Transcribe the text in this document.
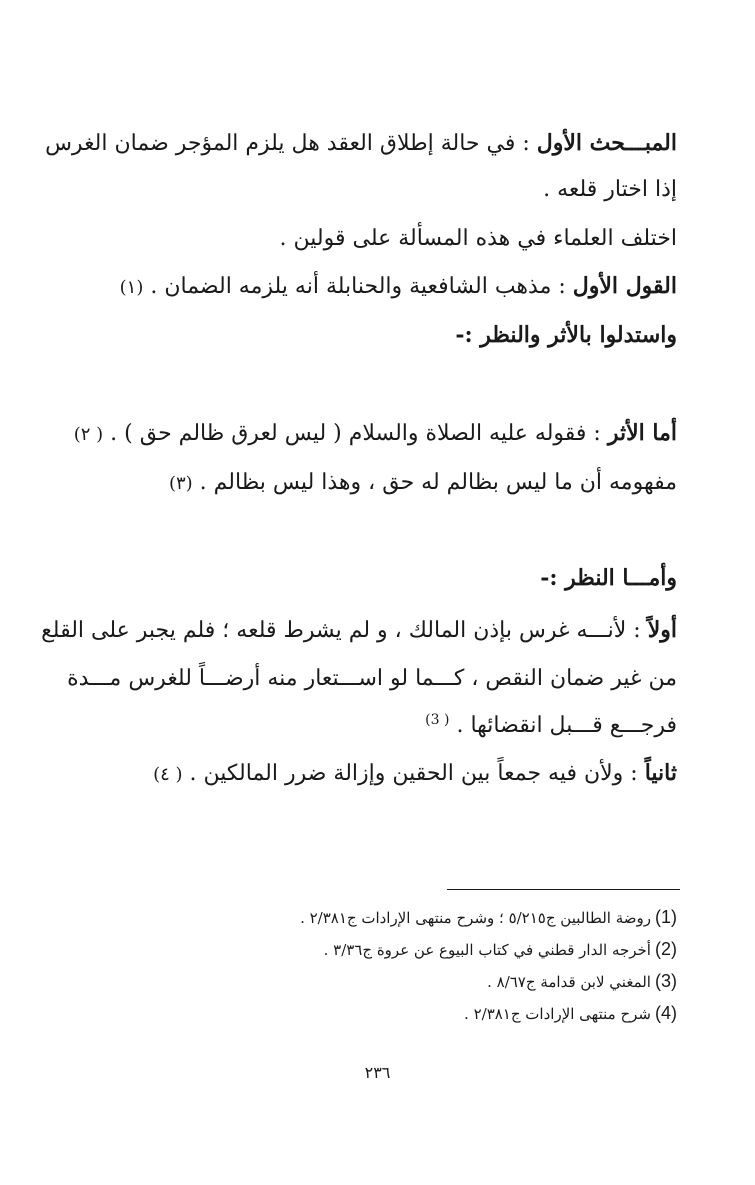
المبـــحث الأول : في حالة إطلاق العقد هل يلزم المؤجر ضمان الغرس
إذا اختار قلعه .
اختلف العلماء في هذه المسألة على قولين .
القول الأول : مذهب الشافعية والحنابلة أنه يلزمه الضمان . (١)
واستدلوا بالأثر والنظر :-
أما الأثر : فقوله عليه الصلاة والسلام ( ليس لعرق ظالم حق ) . ( ٢)
مفهومه أن ما ليس بظالم له حق ، وهذا ليس بظالم . (٣)
وأمـــا النظر :-
أولاً : لأنـــه غرس بإذن المالك ، و لم يشرط قلعه ؛ فلم يجبر على القلع
من غير ضمان النقص ، كـــما لو اســـتعار منه أرضـــاً للغرس مـــدة
فرجـــع قـــبل انقضائها . $^{( 3)}$
ثانياً : ولأن فيه جمعاً بين الحقين وإزالة ضرر المالكين . ( ٤)
(1)روضة الطالبين ج٥/٢١٥ ؛ وشرح منتهى الإرادات ج٢/٣٨١ .
(2)أخرجه الدار قطني في كتاب البيوع عن عروة ج٣/٣٦ .
(3)المغني لابن قدامة ج٨/٦٧ .
(4)شرح منتهى الإرادات ج٢/٣٨١ .
٢٣٦
